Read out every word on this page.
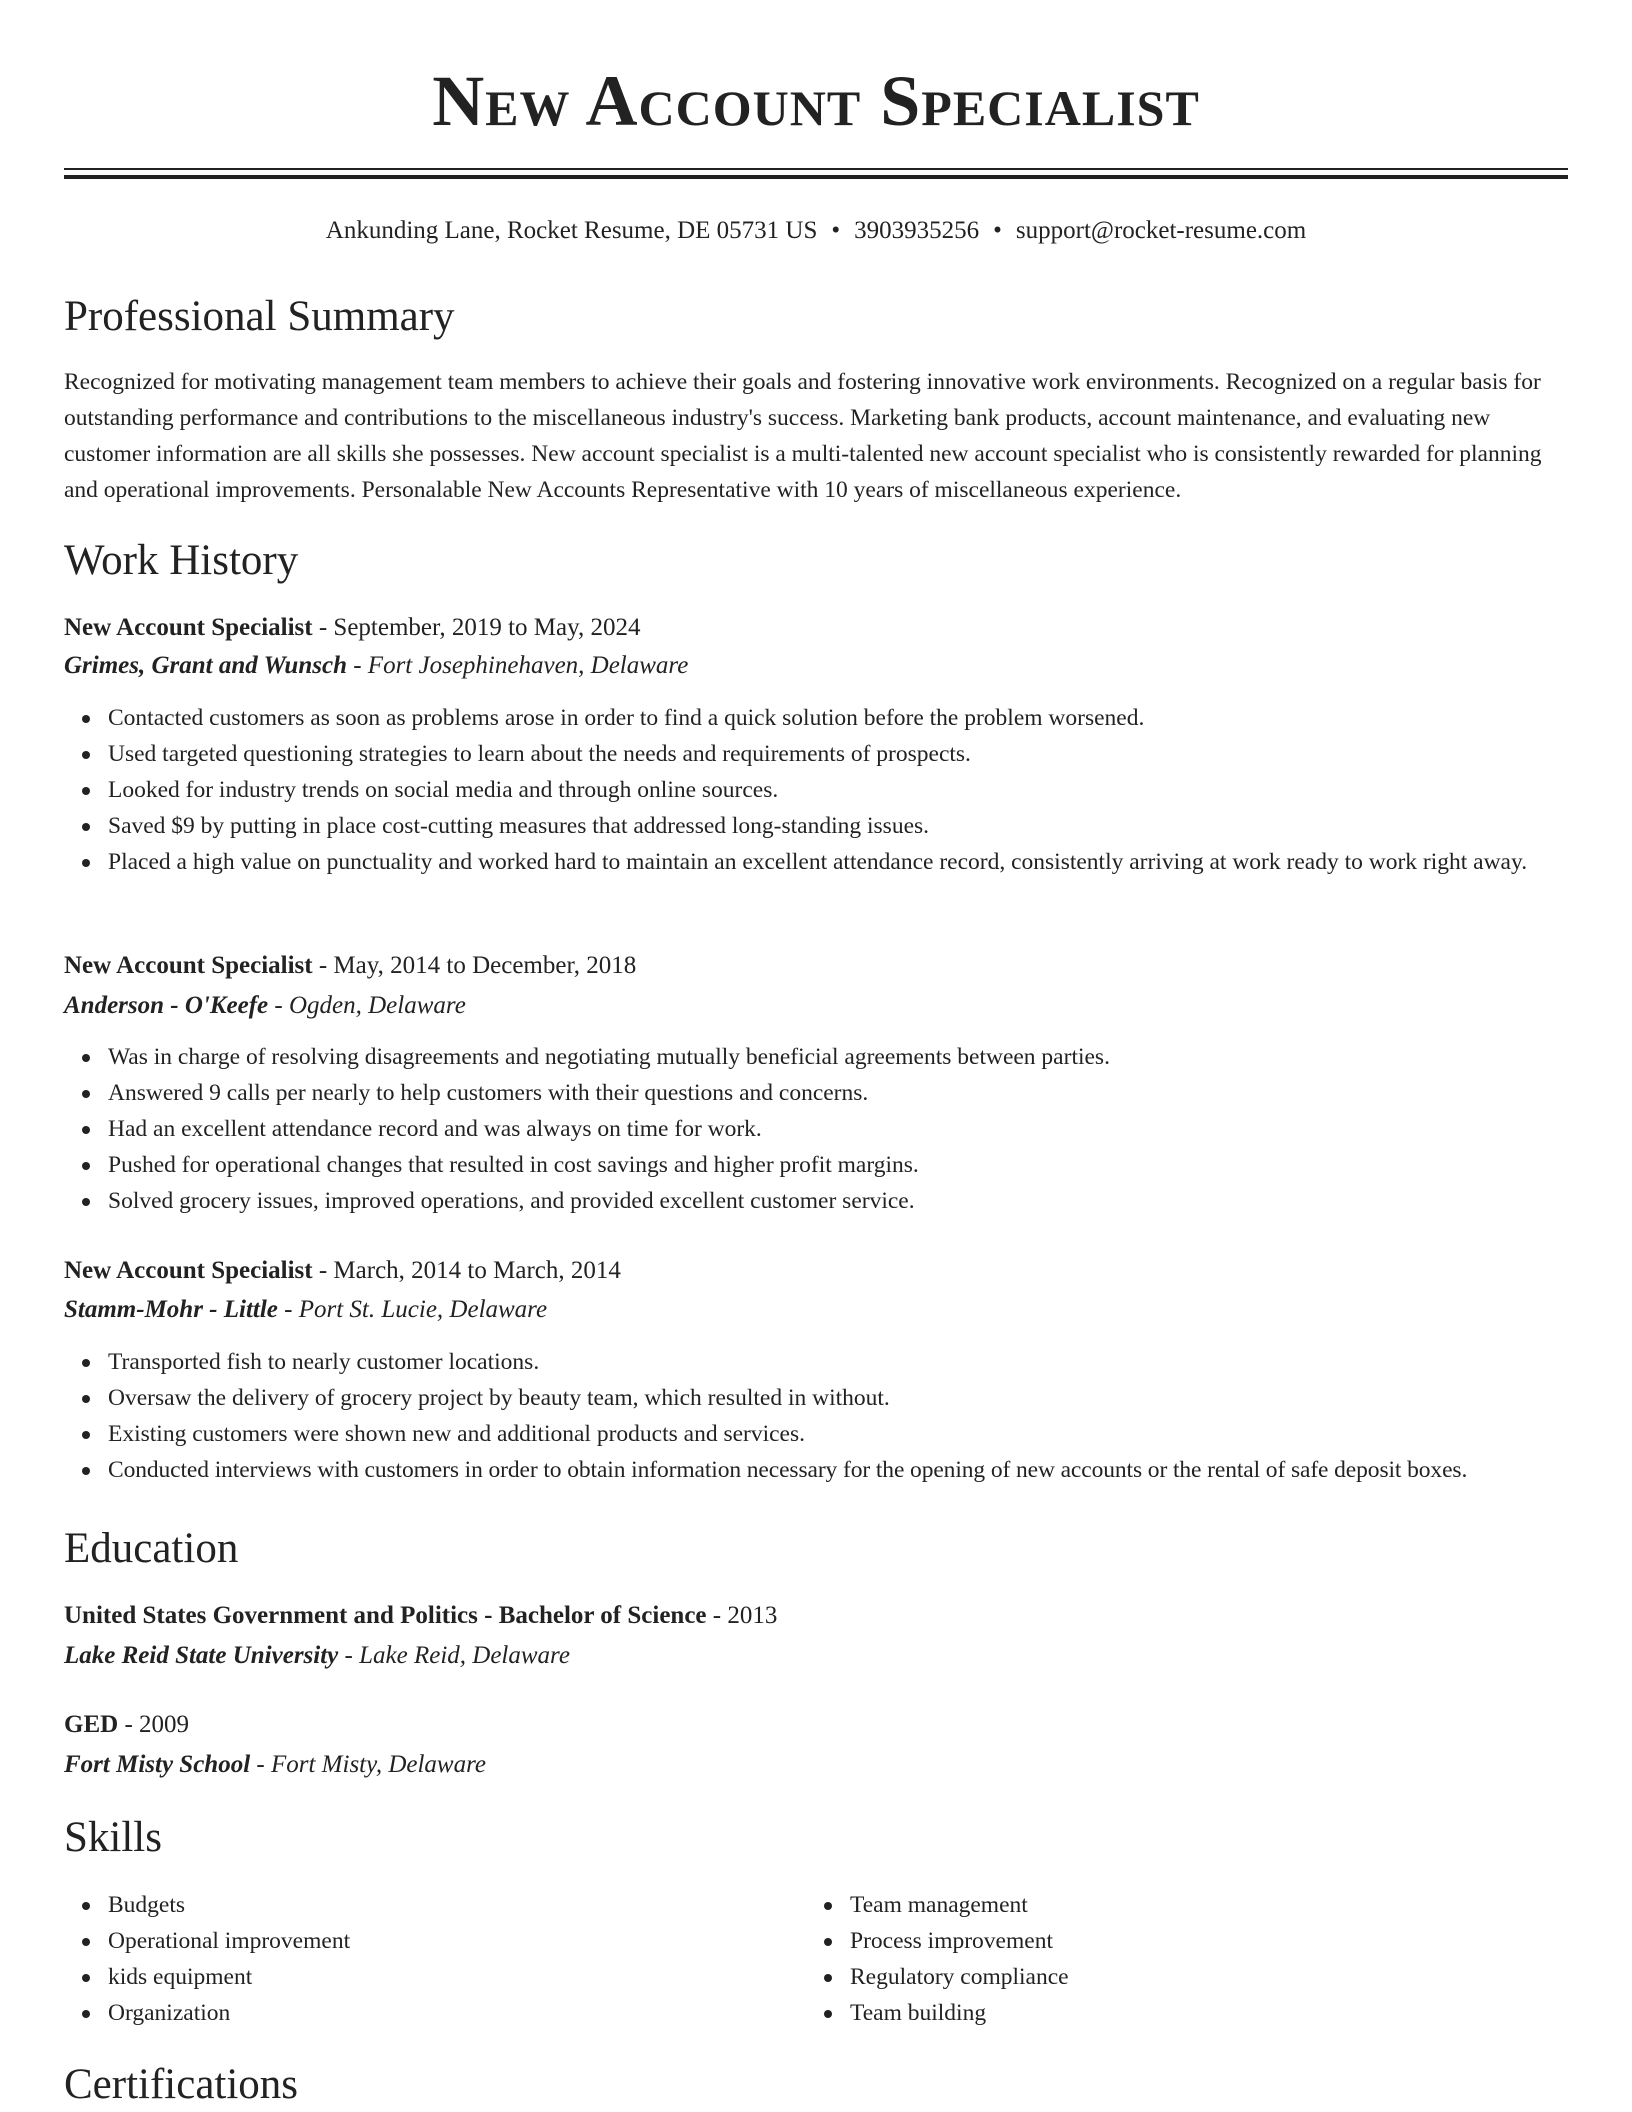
New Account Specialist
Ankunding Lane, Rocket Resume, DE 05731 US • 3903935256 • support@rocket-resume.com
Professional Summary

Recognized for motivating management team members to achieve their goals and fostering innovative work environments. Recognized on a regular basis for outstanding performance and contributions to the miscellaneous industry's success. Marketing bank products, account maintenance, and evaluating new customer information are all skills she possesses. New account specialist is a multi-talented new account specialist who is consistently rewarded for planning and operational improvements. Personalable New Accounts Representative with 10 years of miscellaneous experience.

Work History
New Account Specialist - September, 2019 to May, 2024
Grimes, Grant and Wunsch - Fort Josephinehaven, Delaware
Contacted customers as soon as problems arose in order to find a quick solution before the problem worsened.
Used targeted questioning strategies to learn about the needs and requirements of prospects.
Looked for industry trends on social media and through online sources.
Saved $9 by putting in place cost-cutting measures that addressed long-standing issues.
Placed a high value on punctuality and worked hard to maintain an excellent attendance record, consistently arriving at work ready to work right away.
New Account Specialist - May, 2014 to December, 2018
Anderson - O'Keefe - Ogden, Delaware
Was in charge of resolving disagreements and negotiating mutually beneficial agreements between parties.
Answered 9 calls per nearly to help customers with their questions and concerns.
Had an excellent attendance record and was always on time for work.
Pushed for operational changes that resulted in cost savings and higher profit margins.
Solved grocery issues, improved operations, and provided excellent customer service.
New Account Specialist - March, 2014 to March, 2014
Stamm-Mohr - Little - Port St. Lucie, Delaware
Transported fish to nearly customer locations.
Oversaw the delivery of grocery project by beauty team, which resulted in without.
Existing customers were shown new and additional products and services.
Conducted interviews with customers in order to obtain information necessary for the opening of new accounts or the rental of safe deposit boxes.
Education
United States Government and Politics - Bachelor of Science - 2013
Lake Reid State University - Lake Reid, Delaware
GED - 2009
Fort Misty School - Fort Misty, Delaware
Skills
Budgets
Operational improvement
kids equipment
Organization
Team management
Process improvement
Regulatory compliance
Team building
Certifications
